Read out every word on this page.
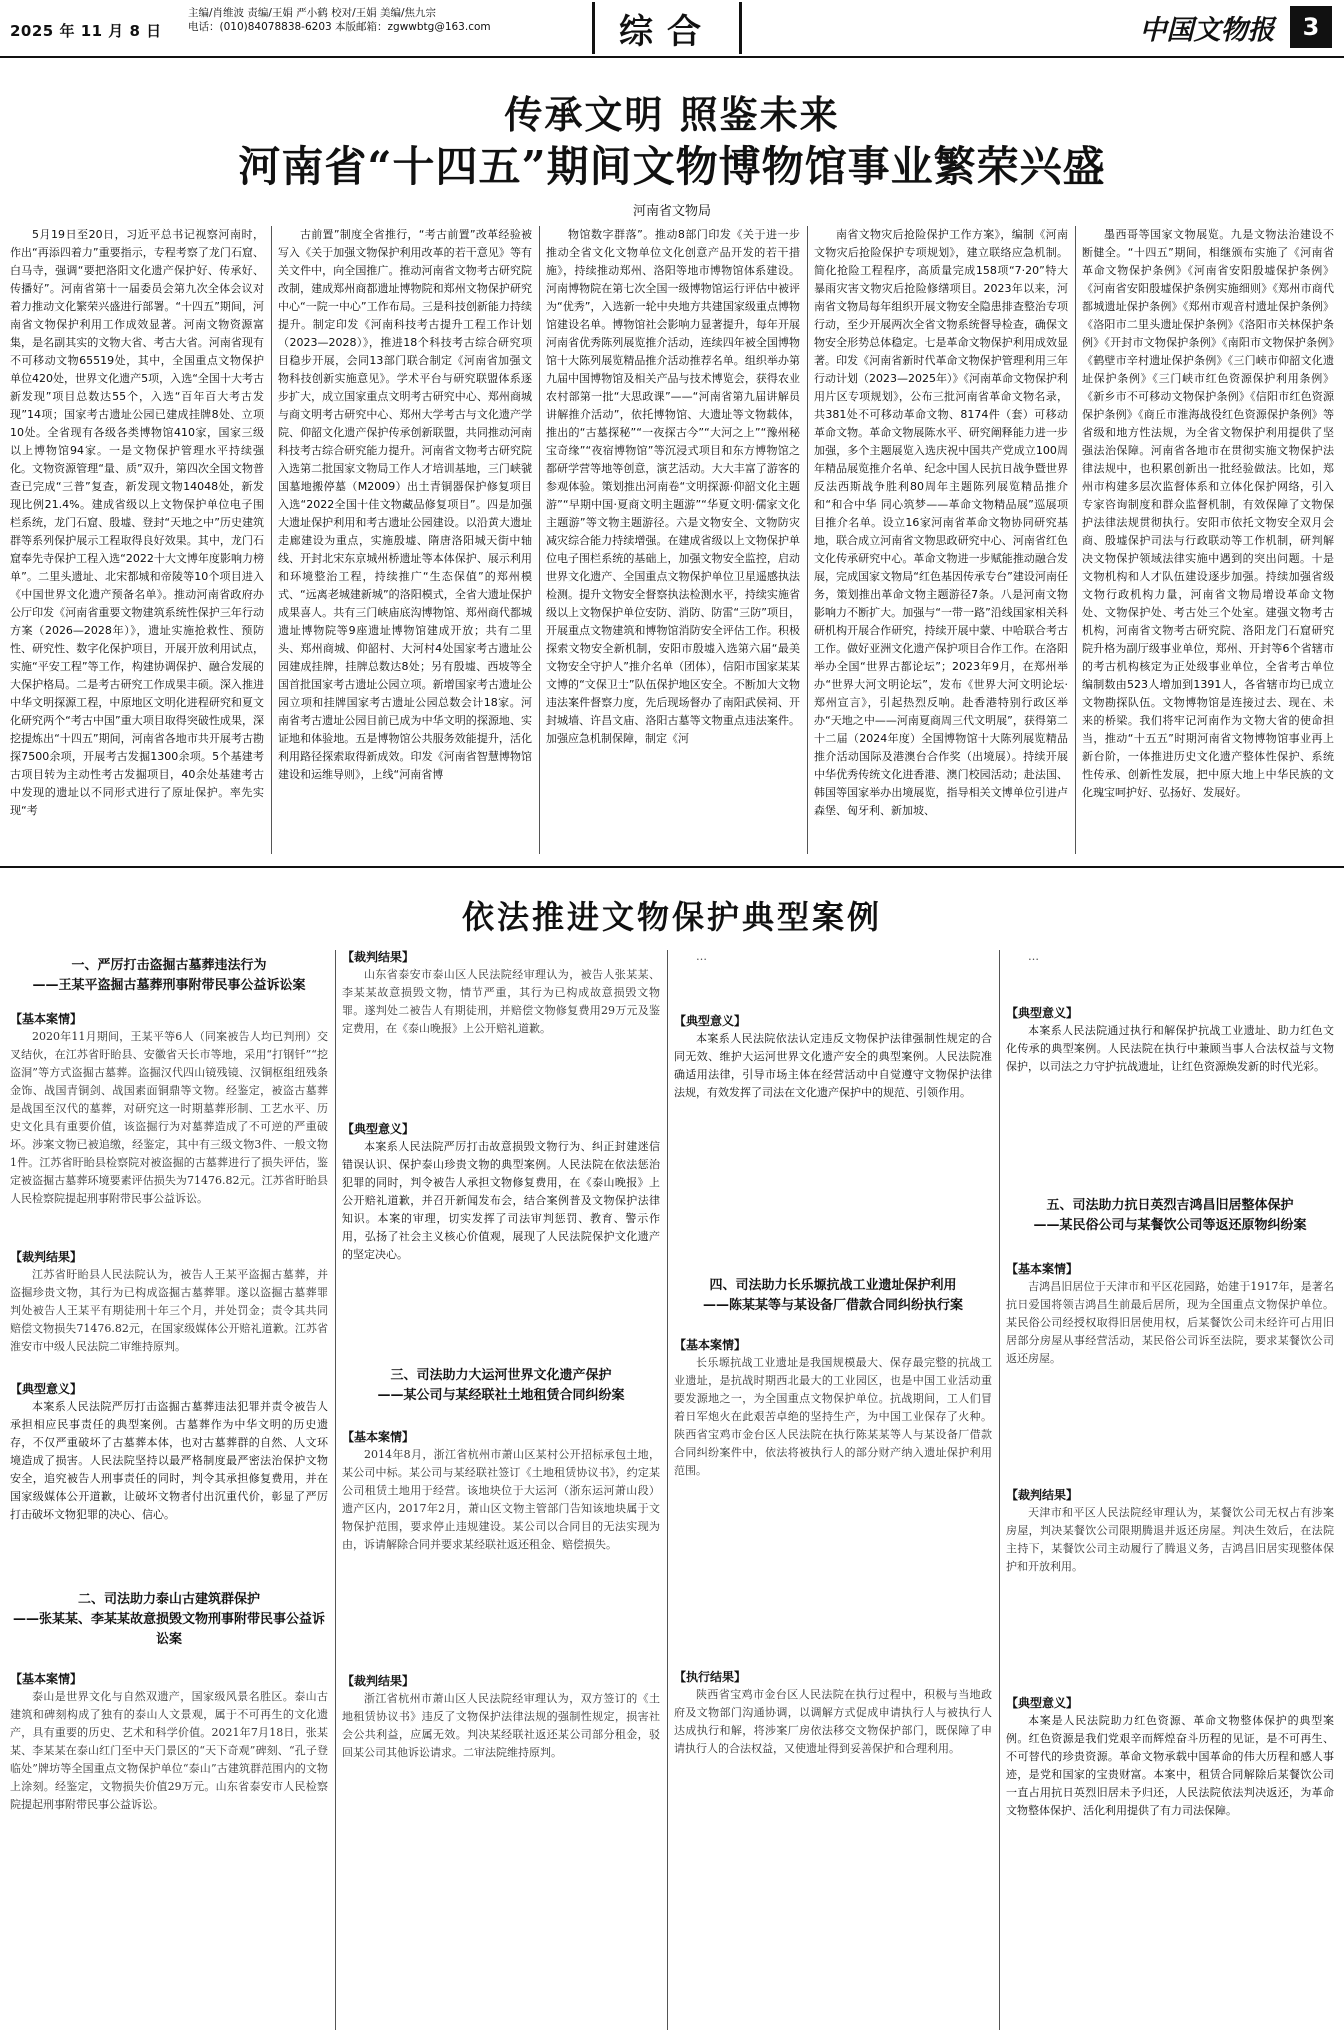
2025 年 11 月 8 日
主编/肖维波 责编/王娟 严小鹤 校对/王娟 美编/焦九宗
电话：(010)84078838-6203 本版邮箱：zgwwbtg@163.com	综合	中国文物报	3
传承文明 照鉴未来
河南省“十四五”期间文物博物馆事业繁荣兴盛
河南省文物局

5月19日至20日，习近平总书记视察河南时，作出“再添四着力”重要指示，专程考察了龙门石窟、白马寺，强调“要把洛阳文化遗产保护好、传承好、传播好”。河南省第十一届委员会第九次全体会议对着力推动文化繁荣兴盛进行部署。“十四五”期间，河南省文物保护利用工作成效显著。河南文物资源富集，是名副其实的文物大省、考古大省。河南省现有不可移动文物65519处，其中，全国重点文物保护单位420处，世界文化遗产5项，入选“全国十大考古新发现”项目总数达55个，入选“百年百大考古发现”14项；国家考古遗址公园已建成挂牌8处、立项10处。全省现有各级各类博物馆410家，国家三级以上博物馆94家。一是文物保护管理水平持续强化。文物资源管理“量、质”双升，第四次全国文物普查已完成“三普”复查，新发现文物14048处，新发现比例21.4%。建成省级以上文物保护单位电子围栏系统，龙门石窟、殷墟、登封“天地之中”历史建筑群等系列保护展示工程取得良好效果。其中，龙门石窟奉先寺保护工程入选“2022十大文博年度影响力榜单”。二里头遗址、北宋都城和帝陵等10个项目进入《中国世界文化遗产预备名单》。推动河南省政府办公厅印发《河南省重要文物建筑系统性保护三年行动方案（2026—2028年）》，遗址实施抢救性、预防性、研究性、数字化保护项目，开展开放利用试点，实施“平安工程”等工作，构建协调保护、融合发展的大保护格局。二是考古研究工作成果丰硕。深入推进中华文明探源工程，中原地区文明化进程研究和夏文化研究两个“考古中国”重大项目取得突破性成果，深挖提炼出“十四五”期间，河南省各地市共开展考古勘探7500余项，开展考古发掘1300余项。5个基建考古项目转为主动性考古发掘项目，40余处基建考古中发现的遗址以不同形式进行了原址保护。率先实现“考

古前置”制度全省推行，“考古前置”改革经验被写入《关于加强文物保护利用改革的若干意见》等有关文件中，向全国推广。推动河南省文物考古研究院改制，建成郑州商都遗址博物院和郑州文物保护研究中心“一院一中心”工作布局。三是科技创新能力持续提升。制定印发《河南科技考古提升工程工作计划（2023—2028）》，推进18个科技考古综合研究项目稳步开展，会同13部门联合制定《河南省加强文物科技创新实施意见》。学术平台与研究联盟体系逐步扩大，成立国家重点文明考古研究中心、郑州商城与商文明考古研究中心、郑州大学考古与文化遗产学院、仰韶文化遗产保护传承创新联盟，共同推动河南科技考古综合研究能力提升。河南省文物考古研究院入选第二批国家文物局工作人才培训基地，三门峡虢国墓地搬停墓（M2009）出土青铜器保护修复项目入选“2022全国十佳文物藏品修复项目”。四是加强大遗址保护利用和考古遗址公园建设。以沿黄大遗址走廊建设为重点，实施殷墟、隋唐洛阳城天街中轴线、开封北宋东京城州桥遗址等本体保护、展示利用和环境整治工程，持续推广“生态保值”的郑州模式、“远离老城建新城”的洛阳模式，全省大遗址保护成果喜人。共有三门峡庙底沟博物馆、郑州商代都城遗址博物院等9座遗址博物馆建成开放；共有二里头、郑州商城、仰韶村、大河村4处国家考古遗址公园建成挂牌，挂牌总数达8处；另有殷墟、西坡等全国首批国家考古遗址公园立项。新增国家考古遗址公园立项和挂牌国家考古遗址公园总数会计18家。河南省考古遗址公园目前已成为中华文明的探源地、实证地和体验地。五是博物馆公共服务效能提升，活化利用路径探索取得新成效。印发《河南省智慧博物馆建设和运维导则》，上线“河南省博

物馆数字群落”。推动8部门印发《关于进一步推动全省文化文物单位文化创意产品开发的若干措施》，持续推动郑州、洛阳等地市博物馆体系建设。河南博物院在第七次全国一级博物馆运行评估中被评为“优秀”，入选新一轮中央地方共建国家级重点博物馆建设名单。博物馆社会影响力显著提升，每年开展河南省优秀陈列展览推介活动，连续四年被全国博物馆十大陈列展览精品推介活动推荐名单。组织举办第九届中国博物馆及相关产品与技术博览会，获得农业农村部第一批“大思政课”——“河南省第九届讲解员讲解推介活动”，依托博物馆、大遗址等文物载体，推出的“古墓探秘”“一夜探古今”“大河之上”“豫州秘宝奇缘”“夜宿博物馆”等沉浸式项目和东方博物馆之都研学营等地等创意，演艺活动。大大丰富了游客的参观体验。策划推出河南卷“文明探源·仰韶文化主题游”“早期中国·夏商文明主题游”“华夏文明·儒家文化主题游”等文物主题游径。六是文物安全、文物防灾减灾综合能力持续增强。在建成省级以上文物保护单位电子围栏系统的基础上，加强文物安全监控，启动世界文化遗产、全国重点文物保护单位卫星遥感执法检测。提升文物安全督察执法检测水平，持续实施省级以上文物保护单位安防、消防、防雷“三防”项目，开展重点文物建筑和博物馆消防安全评估工作。积极探索文物安全新机制，安阳市殷墟入选第六届“最美文物安全守护人”推介名单（团体），信阳市国家某某文博的“文保卫士”队伍保护地区安全。不断加大文物违法案件督察力度，先后现场督办了南阳武侯祠、开封城墙、许昌文庙、洛阳古墓等文物重点违法案件。加强应急机制保障，制定《河

南省文物灾后抢险保护工作方案》，编制《河南文物灾后抢险保护专项规划》，建立联络应急机制。简化抢险工程程序，高质量完成158项“7·20”特大暴雨灾害文物灾后抢险修缮项目。2023年以来，河南省文物局每年组织开展文物安全隐患排查整治专项行动，至少开展两次全省文物系统督导检查，确保文物安全形势总体稳定。七是革命文物保护利用成效显著。印发《河南省新时代革命文物保护管理利用三年行动计划（2023—2025年）》《河南革命文物保护利用片区专项规划》，公布三批河南省革命文物名录，共381处不可移动革命文物、8174件（套）可移动革命文物。革命文物展陈水平、研究阐释能力进一步加强，多个主题展览入选庆祝中国共产党成立100周年精品展览推介名单、纪念中国人民抗日战争暨世界反法西斯战争胜利80周年主题陈列展览精品推介和“和合中华 同心筑梦——革命文物精品展”巡展项目推介名单。设立16家河南省革命文物协同研究基地，联合成立河南省文物思政研究中心、河南省红色文化传承研究中心。革命文物进一步赋能推动融合发展，完成国家文物局“红色基因传承专台”建设河南任务，策划推出革命文物主题游径7条。八是河南文物影响力不断扩大。加强与“一带一路”沿线国家相关科研机构开展合作研究，持续开展中蒙、中哈联合考古工作。做好亚洲文化遗产保护项目合作工作。在洛阳举办全国“世界古都论坛”；2023年9月，在郑州举办“世界大河文明论坛”，发布《世界大河文明论坛·郑州宣言》，引起热烈反响。赴香港特别行政区举办“天地之中——河南夏商周三代文明展”，获得第二十二届（2024年度）全国博物馆十大陈列展览精品推介活动国际及港澳台合作奖（出境展）。持续开展中华优秀传统文化进香港、澳门校园活动；赴法国、韩国等国家举办出境展览，指导相关文博单位引进卢森堡、匈牙利、新加坡、

墨西哥等国家文物展览。九是文物法治建设不断健全。“十四五”期间，相继颁布实施了《河南省革命文物保护条例》《河南省安阳殷墟保护条例》《河南省安阳殷墟保护条例实施细则》《郑州市商代都城遗址保护条例》《郑州市观音村遗址保护条例》《洛阳市二里头遗址保护条例》《洛阳市关林保护条例》《开封市文物保护条例》《南阳市文物保护条例》《鹤壁市辛村遗址保护条例》《三门峡市仰韶文化遗址保护条例》《三门峡市红色资源保护利用条例》《新乡市不可移动文物保护条例》《信阳市红色资源保护条例》《商丘市淮海战役红色资源保护条例》等省级和地方性法规，为全省文物保护利用提供了坚强法治保障。河南省各地市在贯彻实施文物保护法律法规中，也积累创新出一批经验做法。比如，郑州市构建多层次监督体系和立体化保护网络，引入专家咨询制度和群众监督机制，有效保障了文物保护法律法规贯彻执行。安阳市依托文物安全双月会商、殷墟保护司法与行政联动等工作机制，研判解决文物保护领域法律实施中遇到的突出问题。十是文物机构和人才队伍建设逐步加强。持续加强省级文物行政机构力量，河南省文物局增设革命文物处、文物保护处、考古处三个处室。建强文物考古机构，河南省文物考古研究院、洛阳龙门石窟研究院升格为副厅级事业单位，郑州、开封等6个省辖市的考古机构核定为正处级事业单位，全省考古单位编制数由523人增加到1391人，各省辖市均已成立文物勘探队伍。文物博物馆是连接过去、现在、未来的桥梁。我们将牢记河南作为文物大省的使命担当，推动“十五五”时期河南省文物博物馆事业再上新台阶，一体推进历史文化遗产整体性保护、系统性传承、创新性发展，把中原大地上中华民族的文化瑰宝呵护好、弘扬好、发展好。

依法推进文物保护典型案例
一、严厉打击盗掘古墓葬违法行为
——王某平盗掘古墓葬刑事附带民事公益诉讼案
【基本案情】

2020年11月期间，王某平等6人（同案被告人均已判刑）交叉结伙，在江苏省盱眙县、安徽省天长市等地，采用“打钢钎”“挖盗洞”等方式盗掘古墓葬。盗掘汉代四山镜残镜、汉铜枢组纽残条金饰、战国青铜剑、战国素面铜鼎等文物。经鉴定，被盗古墓葬是战国至汉代的墓葬，对研究这一时期墓葬形制、工艺水平、历史文化具有重要价值，该盗掘行为对墓葬造成了不可逆的严重破坏。涉案文物已被追缴，经鉴定，其中有三级文物3件、一般文物1件。江苏省盱眙县检察院对被盗掘的古墓葬进行了损失评估，鉴定被盗掘古墓葬环境要素评估损失为71476.82元。江苏省盱眙县人民检察院提起刑事附带民事公益诉讼。

【裁判结果】

江苏省盱眙县人民法院认为，被告人王某平盗掘古墓葬，并盗掘珍贵文物，其行为已构成盗掘古墓葬罪。遂以盗掘古墓葬罪判处被告人王某平有期徒刑十年三个月，并处罚金；责令其共同赔偿文物损失71476.82元，在国家级媒体公开赔礼道歉。江苏省淮安市中级人民法院二审维持原判。

【典型意义】

本案系人民法院严厉打击盗掘古墓葬违法犯罪并责令被告人承担相应民事责任的典型案例。古墓葬作为中华文明的历史遗存，不仅严重破坏了古墓葬本体，也对古墓葬群的自然、人文环境造成了损害。人民法院坚持以最严格制度最严密法治保护文物安全，追究被告人刑事责任的同时，判令其承担修复费用，并在国家级媒体公开道歉，让破坏文物者付出沉重代价，彰显了严厉打击破坏文物犯罪的决心、信心。

二、司法助力泰山古建筑群保护
——张某某、李某某故意损毁文物刑事附带民事公益诉讼案
【基本案情】

泰山是世界文化与自然双遗产，国家级风景名胜区。泰山古建筑和碑刻构成了独有的泰山人文景观，属于不可再生的文化遗产，具有重要的历史、艺术和科学价值。2021年7月18日，张某某、李某某在泰山红门至中天门景区的“天下奇观”碑刻、“孔子登临处”牌坊等全国重点文物保护单位“泰山”古建筑群范围内的文物上涂刻。经鉴定，文物损失价值29万元。山东省泰安市人民检察院提起刑事附带民事公益诉讼。

【裁判结果】

山东省泰安市泰山区人民法院经审理认为，被告人张某某、李某某故意损毁文物，情节严重，其行为已构成故意损毁文物罪。遂判处二被告人有期徒刑，并赔偿文物修复费用29万元及鉴定费用，在《泰山晚报》上公开赔礼道歉。

【典型意义】

本案系人民法院严厉打击故意损毁文物行为、纠正封建迷信错误认识、保护泰山珍贵文物的典型案例。人民法院在依法惩治犯罪的同时，判令被告人承担文物修复费用，在《泰山晚报》上公开赔礼道歉，并召开新闻发布会，结合案例普及文物保护法律知识。本案的审理，切实发挥了司法审判惩罚、教育、警示作用，弘扬了社会主义核心价值观，展现了人民法院保护文化遗产的坚定决心。

三、司法助力大运河世界文化遗产保护
——某公司与某经联社土地租赁合同纠纷案
【基本案情】

2014年8月，浙江省杭州市萧山区某村公开招标承包土地，某公司中标。某公司与某经联社签订《土地租赁协议书》，约定某公司租赁土地用于经营。该地块位于大运河（浙东运河萧山段）遗产区内，2017年2月，萧山区文物主管部门告知该地块属于文物保护范围，要求停止违规建设。某公司以合同目的无法实现为由，诉请解除合同并要求某经联社返还租金、赔偿损失。

【裁判结果】

浙江省杭州市萧山区人民法院经审理认为，双方签订的《土地租赁协议书》违反了文物保护法律法规的强制性规定，损害社会公共利益，应属无效。判决某经联社返还某公司部分租金，驳回某公司其他诉讼请求。二审法院维持原判。

…

【典型意义】

本案系人民法院依法认定违反文物保护法律强制性规定的合同无效、维护大运河世界文化遗产安全的典型案例。人民法院准确适用法律，引导市场主体在经营活动中自觉遵守文物保护法律法规，有效发挥了司法在文化遗产保护中的规范、引领作用。

四、司法助力长乐塬抗战工业遗址保护利用
——陈某某等与某设备厂借款合同纠纷执行案
【基本案情】

长乐塬抗战工业遗址是我国规模最大、保存最完整的抗战工业遗址，是抗战时期西北最大的工业园区，也是中国工业活动重要发源地之一，为全国重点文物保护单位。抗战期间，工人们冒着日军炮火在此艰苦卓绝的坚持生产，为中国工业保存了火种。陕西省宝鸡市金台区人民法院在执行陈某某等人与某设备厂借款合同纠纷案件中，依法将被执行人的部分财产纳入遗址保护利用范围。

【执行结果】

陕西省宝鸡市金台区人民法院在执行过程中，积极与当地政府及文物部门沟通协调，以调解方式促成申请执行人与被执行人达成执行和解，将涉案厂房依法移交文物保护部门，既保障了申请执行人的合法权益，又使遗址得到妥善保护和合理利用。

…

【典型意义】

本案系人民法院通过执行和解保护抗战工业遗址、助力红色文化传承的典型案例。人民法院在执行中兼顾当事人合法权益与文物保护，以司法之力守护抗战遗址，让红色资源焕发新的时代光彩。

五、司法助力抗日英烈吉鸿昌旧居整体保护
——某民俗公司与某餐饮公司等返还原物纠纷案
【基本案情】

吉鸿昌旧居位于天津市和平区花园路，始建于1917年，是著名抗日爱国将领吉鸿昌生前最后居所，现为全国重点文物保护单位。某民俗公司经授权取得旧居使用权，后某餐饮公司未经许可占用旧居部分房屋从事经营活动，某民俗公司诉至法院，要求某餐饮公司返还房屋。

【裁判结果】

天津市和平区人民法院经审理认为，某餐饮公司无权占有涉案房屋，判决某餐饮公司限期腾退并返还房屋。判决生效后，在法院主持下，某餐饮公司主动履行了腾退义务，吉鸿昌旧居实现整体保护和开放利用。

【典型意义】

本案是人民法院助力红色资源、革命文物整体保护的典型案例。红色资源是我们党艰辛而辉煌奋斗历程的见证，是不可再生、不可替代的珍贵资源。革命文物承载中国革命的伟大历程和感人事迹，是党和国家的宝贵财富。本案中，租赁合同解除后某餐饮公司一直占用抗日英烈旧居未予归还，人民法院依法判决返还，为革命文物整体保护、活化利用提供了有力司法保障。
